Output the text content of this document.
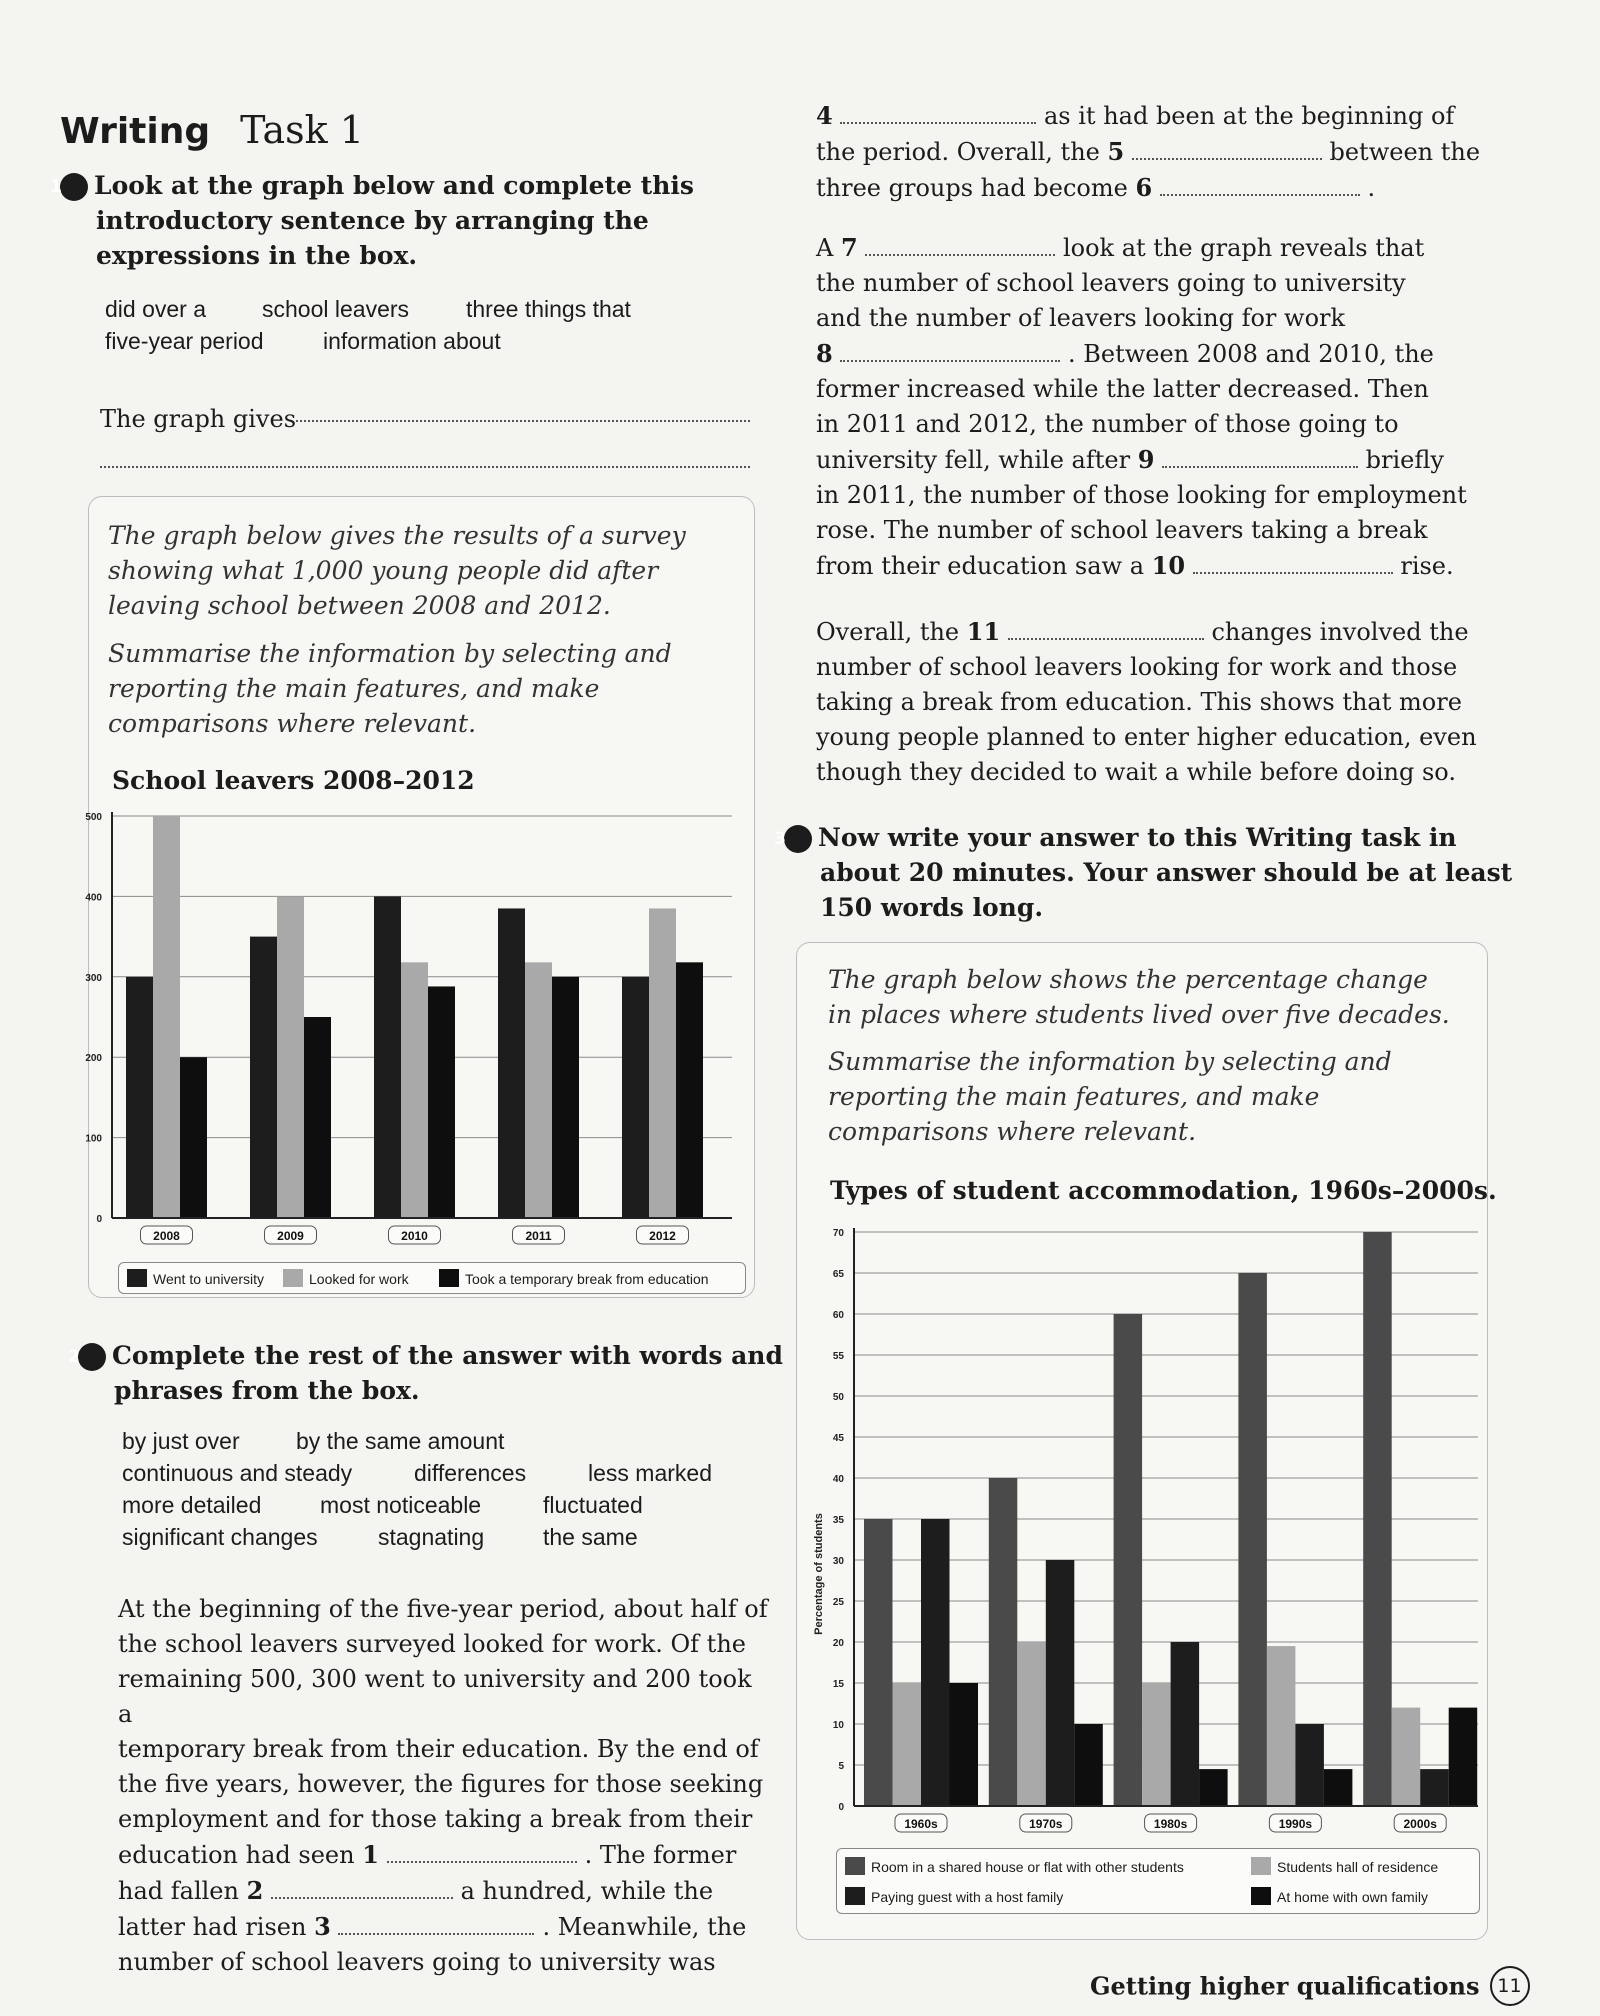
Writing Task 1
1 Look at the graph below and complete this introductory sentence by arranging the expressions in the box.
did over a school leavers three things that
five-year period	information about
The graph gives
The graph below gives the results of a survey showing what 1,000 young people did after leaving school between 2008 and 2012.
Summarise the information by selecting and reporting the main features, and make comparisons where relevant.
School leavers 2008–2012
0
100
200
300
400
500
2008	2009	2010	2011	2012
Went to university	Looked for work	Took a temporary break from education
2 Complete the rest of the answer with words and phrases from the box.
by just over by the same amount
continuous and steady	differences	less marked
more detailed	most noticeable	fluctuated
significant changes	stagnating	the same
At the beginning of the five-year period, about half of
the school leavers surveyed looked for work. Of the
remaining 500, 300 went to university and 200 took a
temporary break from their education. By the end of
the five years, however, the figures for those seeking
employment and for those taking a break from their
education had seen 1	. The former
had fallen 2	a hundred, while the
latter had risen 3	. Meanwhile, the
number of school leavers going to university was
4	as it had been at the beginning of
the period. Overall, the 5	between the
three groups had become 6	.
A 7	look at the graph reveals that
the number of school leavers going to university
and the number of leavers looking for work
8	. Between 2008 and 2010, the
former increased while the latter decreased. Then
in 2011 and 2012, the number of those going to
university fell, while after 9	briefly
in 2011, the number of those looking for employment
rose. The number of school leavers taking a break
from their education saw a 10	rise.
Overall, the 11	changes involved the
number of school leavers looking for work and those
taking a break from education. This shows that more
young people planned to enter higher education, even
though they decided to wait a while before doing so.
3 Now write your answer to this Writing task in about 20 minutes. Your answer should be at least 150 words long.
The graph below shows the percentage change in places where students lived over five decades.
Summarise the information by selecting and reporting the main features, and make comparisons where relevant.
Types of student accommodation, 1960s–2000s.
0
5
10
15
20
25
30
35
40
45
50
55
60
65
70
1960s	1970s	1980s	1990s	2000s
Percentage of students
Room in a shared house or flat with other students	Students hall of residence
Paying guest with a host family	At home with own family
Getting higher qualifications 11
